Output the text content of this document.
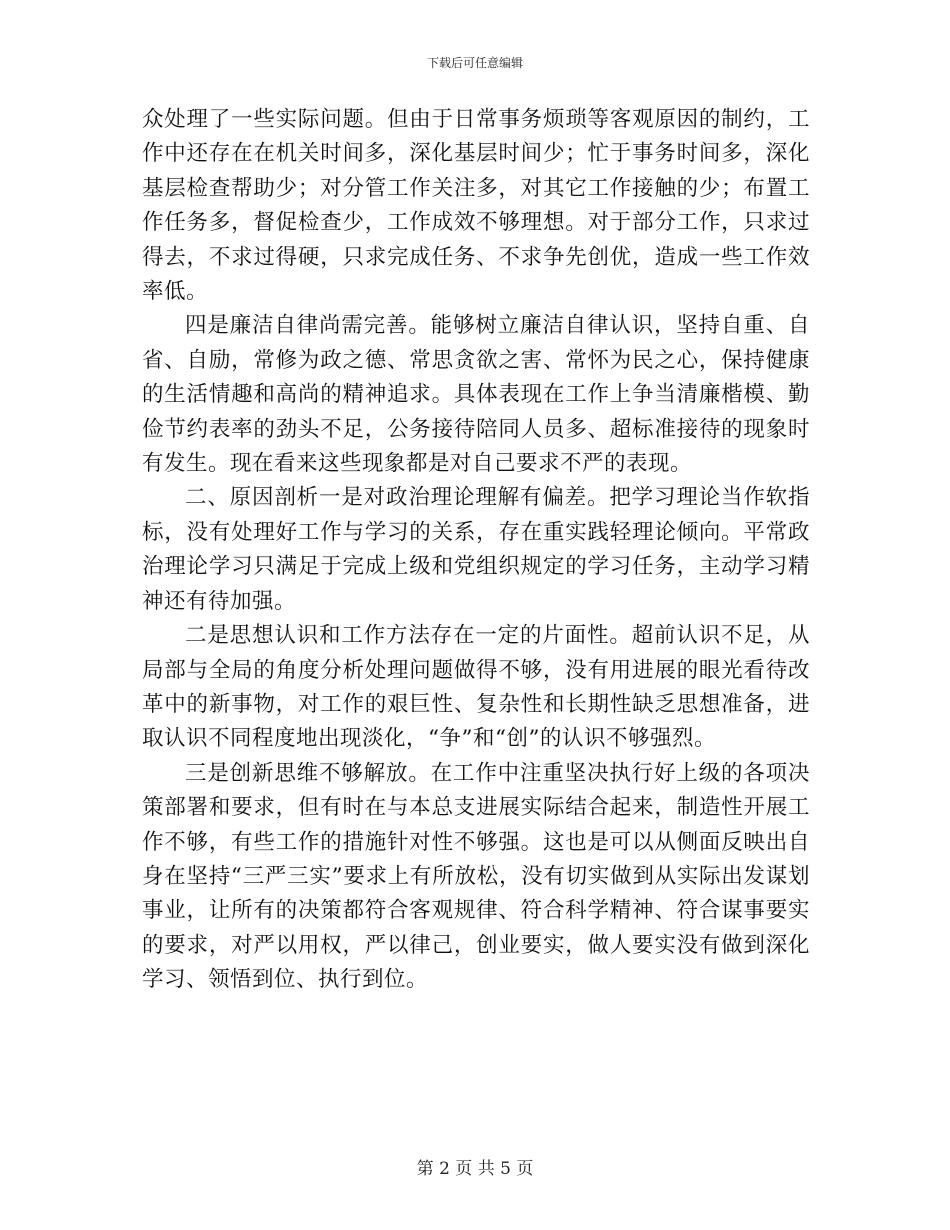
下载后可任意编辑

众处理了一些实际问题。但由于日常事务烦琐等客观原因的制约，工作中还存在在机关时间多，深化基层时间少；忙于事务时间多，深化基层检查帮助少；对分管工作关注多，对其它工作接触的少；布置工作任务多，督促检查少，工作成效不够理想。对于部分工作，只求过得去，不求过得硬，只求完成任务、不求争先创优，造成一些工作效率低。

四是廉洁自律尚需完善。能够树立廉洁自律认识，坚持自重、自省、自励，常修为政之德、常思贪欲之害、常怀为民之心，保持健康的生活情趣和高尚的精神追求。具体表现在工作上争当清廉楷模、勤俭节约表率的劲头不足，公务接待陪同人员多、超标准接待的现象时有发生。现在看来这些现象都是对自己要求不严的表现。

二、原因剖析一是对政治理论理解有偏差。把学习理论当作软指标，没有处理好工作与学习的关系，存在重实践轻理论倾向。平常政治理论学习只满足于完成上级和党组织规定的学习任务，主动学习精神还有待加强。

二是思想认识和工作方法存在一定的片面性。超前认识不足，从局部与全局的角度分析处理问题做得不够，没有用进展的眼光看待改革中的新事物，对工作的艰巨性、复杂性和长期性缺乏思想准备，进取认识不同程度地出现淡化，“争”和“创”的认识不够强烈。

三是创新思维不够解放。在工作中注重坚决执行好上级的各项决策部署和要求，但有时在与本总支进展实际结合起来，制造性开展工作不够，有些工作的措施针对性不够强。这也是可以从侧面反映出自身在坚持“三严三实”要求上有所放松，没有切实做到从实际出发谋划事业，让所有的决策都符合客观规律、符合科学精神、符合谋事要实的要求，对严以用权，严以律己，创业要实，做人要实没有做到深化学习、领悟到位、执行到位。

第 2 页 共 5 页
